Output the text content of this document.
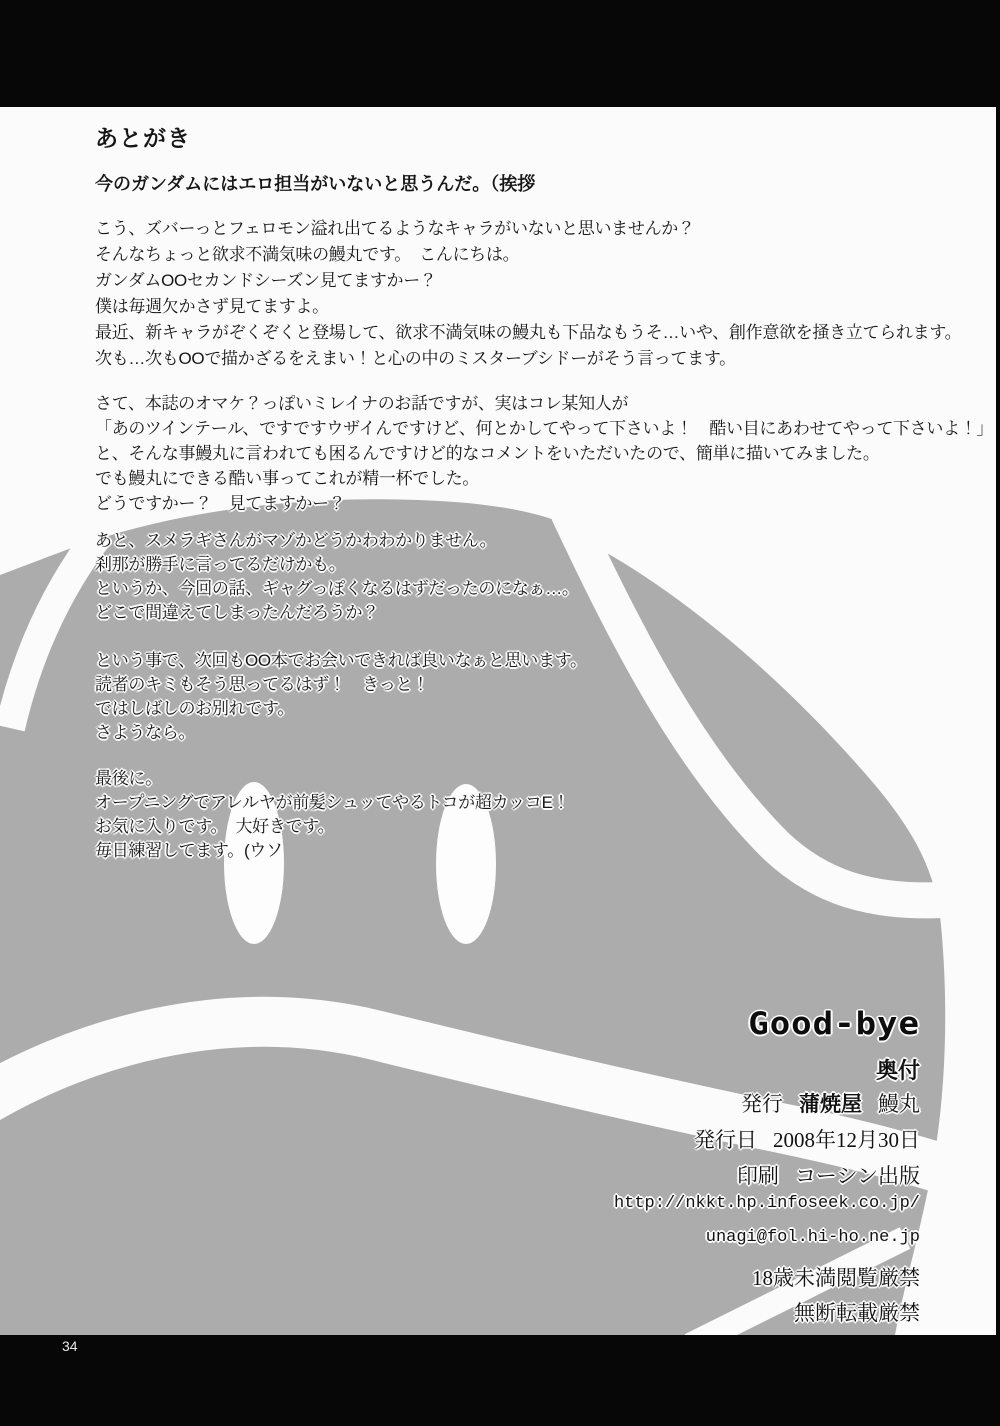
あとがき
今のガンダムにはエロ担当がいないと思うんだ。（挨拶
こう、ズバーっとフェロモン溢れ出てるようなキャラがいないと思いませんか？
そんなちょっと欲求不満気味の鰻丸です。　こんにちは。
ガンダムOOセカンドシーズン見てますかー？
僕は毎週欠かさず見てますよ。
最近、新キャラがぞくぞくと登場して、欲求不満気味の鰻丸も下品なもうそ…いや、創作意欲を掻き立てられます。
次も…次もOOで描かざるをえまい！と心の中のミスターブシドーがそう言ってます。
さて、本誌のオマケ？っぽいミレイナのお話ですが、実はコレ某知人が
「あのツインテール、ですですウザイんですけど、何とかしてやって下さいよ！　酷い目にあわせてやって下さいよ！」
と、そんな事鰻丸に言われても困るんですけど的なコメントをいただいたので、簡単に描いてみました。
でも鰻丸にできる酷い事ってこれが精一杯でした。
どうですかー？　見てますかー？
あと、スメラギさんがマゾかどうかわわかりません。
刹那が勝手に言ってるだけかも。
というか、今回の話、ギャグっぽくなるはずだったのになぁ…。
どこで間違えてしまったんだろうか？
という事で、次回もOO本でお会いできれば良いなぁと思います。
読者のキミもそう思ってるはず！　きっと！
ではしばしのお別れです。
さようなら。
最後に。
オープニングでアレルヤが前髪シュッてやるトコが超カッコE！
お気に入りです。　大好きです。
毎日練習してます。(ウソ
Good-bye
奥付
発行 蒲焼屋 鰻丸
発行日 2008年12月30日
印刷 コーシン出版
http://nkkt.hp.infoseek.co.jp/
unagi@fol.hi-ho.ne.jp
18歳未満閲覧厳禁
無断転載厳禁
34
